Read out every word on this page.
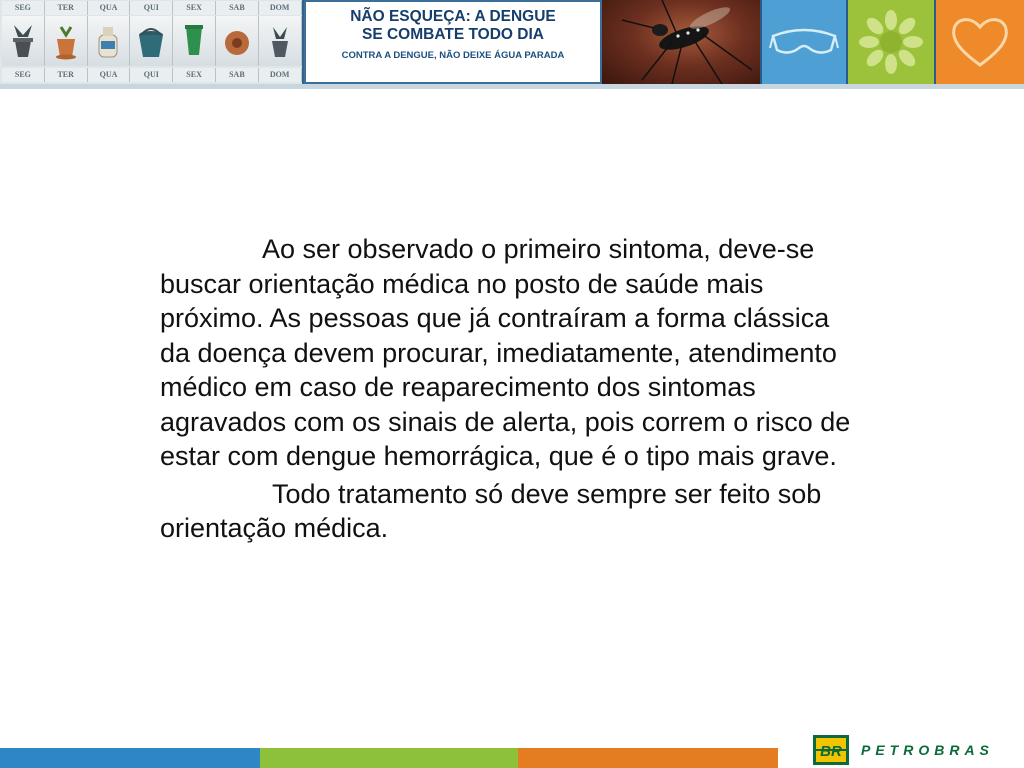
SEG	TER	QUA	QUI	SEX	SAB	DOM
SEG	TER	QUA	QUI	SEX	SAB	DOM
NÃO ESQUEÇA: A DENGUE
SE COMBATE TODO DIA
CONTRA A DENGUE, NÃO DEIXE ÁGUA PARADA

Ao ser observado o primeiro sintoma, deve-se buscar orientação médica no posto de saúde mais próximo. As pessoas que já contraíram a forma clássica da doença devem procurar, imediatamente, atendimento médico em caso de reaparecimento dos sintomas agravados com os sinais de alerta, pois correm o risco de estar com dengue hemorrágica, que é o tipo mais grave.

Todo tratamento só deve sempre ser feito sob orientação médica.

BR PETROBRAS
